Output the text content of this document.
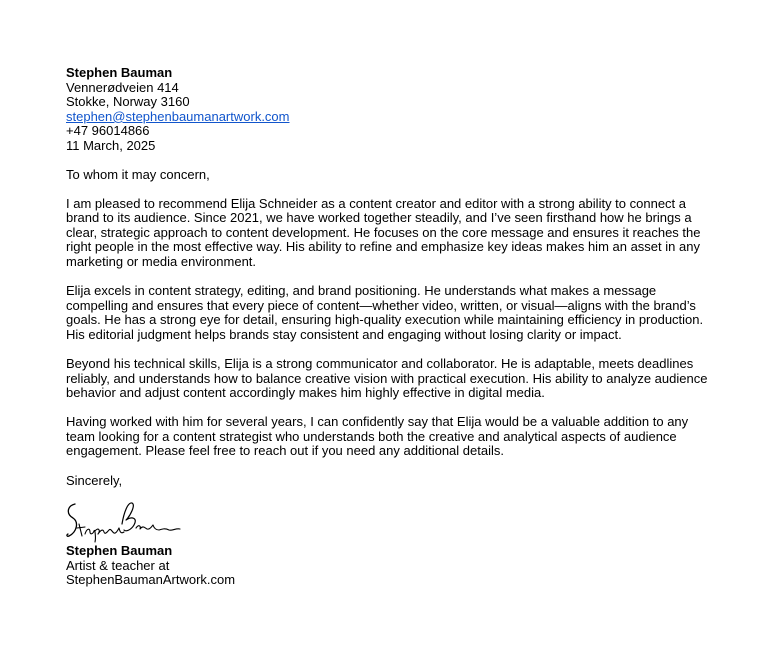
Stephen Bauman
Vennerødveien 414
Stokke, Norway 3160
stephen@stephenbaumanartwork.com
+47 96014866
11 March, 2025

To whom it may concern,

I am pleased to recommend Elija Schneider as a content creator and editor with a strong ability to connect a brand to its audience. Since 2021, we have worked together steadily, and I’ve seen firsthand how he brings a clear, strategic approach to content development. He focuses on the core message and ensures it reaches the right people in the most effective way. His ability to refine and emphasize key ideas makes him an asset in any marketing or media environment.

Elija excels in content strategy, editing, and brand positioning. He understands what makes a message compelling and ensures that every piece of content—whether video, written, or visual—aligns with the brand’s goals. He has a strong eye for detail, ensuring high-quality execution while maintaining efficiency in production. His editorial judgment helps brands stay consistent and engaging without losing clarity or impact.

Beyond his technical skills, Elija is a strong communicator and collaborator. He is adaptable, meets deadlines reliably, and understands how to balance creative vision with practical execution. His ability to analyze audience behavior and adjust content accordingly makes him highly effective in digital media.

Having worked with him for several years, I can confidently say that Elija would be a valuable addition to any team looking for a content strategist who understands both the creative and analytical aspects of audience engagement. Please feel free to reach out if you need any additional details.

Sincerely,

Stephen Bauman
Artist & teacher at
StephenBaumanArtwork.com
